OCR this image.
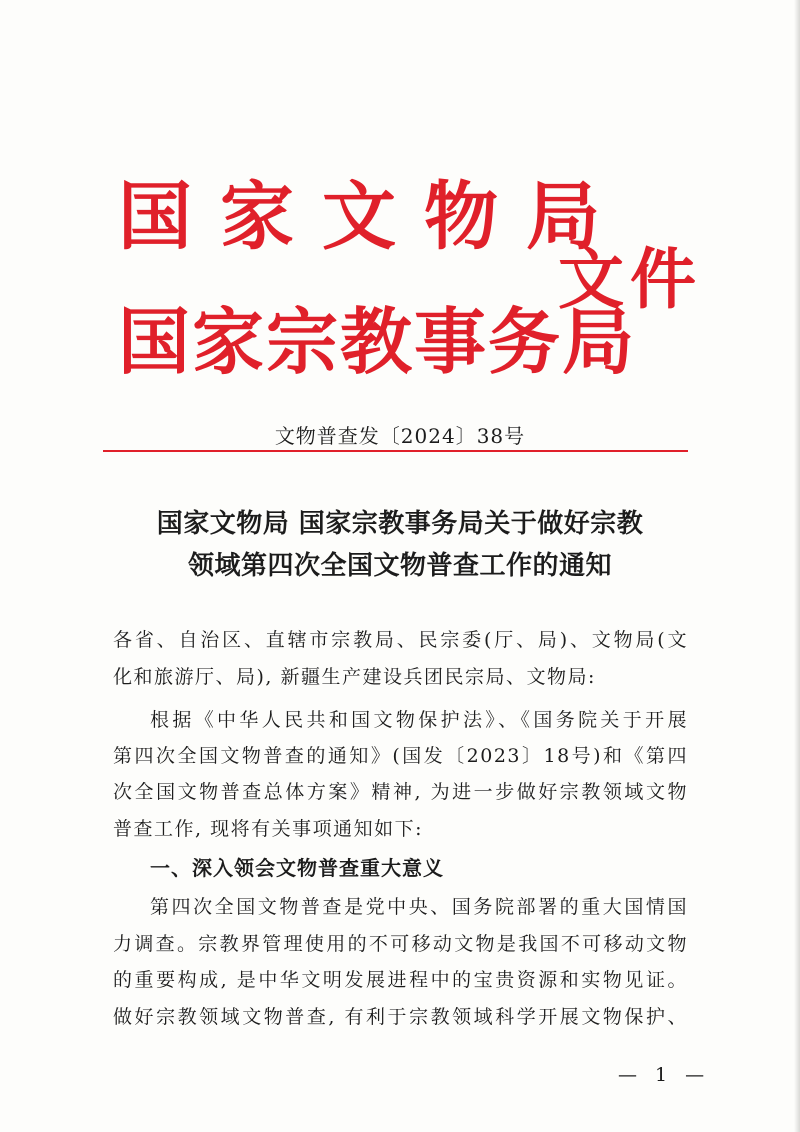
国家文物局
国家宗教事务局
文件
文物普查发〔2024〕38号
国家文物局 国家宗教事务局关于做好宗教
领域第四次全国文物普查工作的通知
各省、自治区、直辖市宗教局、民宗委(厅、局)、文物局(文
化和旅游厅、局), 新疆生产建设兵团民宗局、文物局:
根据《中华人民共和国文物保护法》、《国务院关于开展
第四次全国文物普查的通知》(国发〔2023〕18号)和《第四
次全国文物普查总体方案》精神, 为进一步做好宗教领域文物
普查工作, 现将有关事项通知如下:
一、深入领会文物普查重大意义
第四次全国文物普查是党中央、国务院部署的重大国情国
力调查。宗教界管理使用的不可移动文物是我国不可移动文物
的重要构成, 是中华文明发展进程中的宝贵资源和实物见证。
做好宗教领域文物普查, 有利于宗教领域科学开展文物保护、
— 1 —
